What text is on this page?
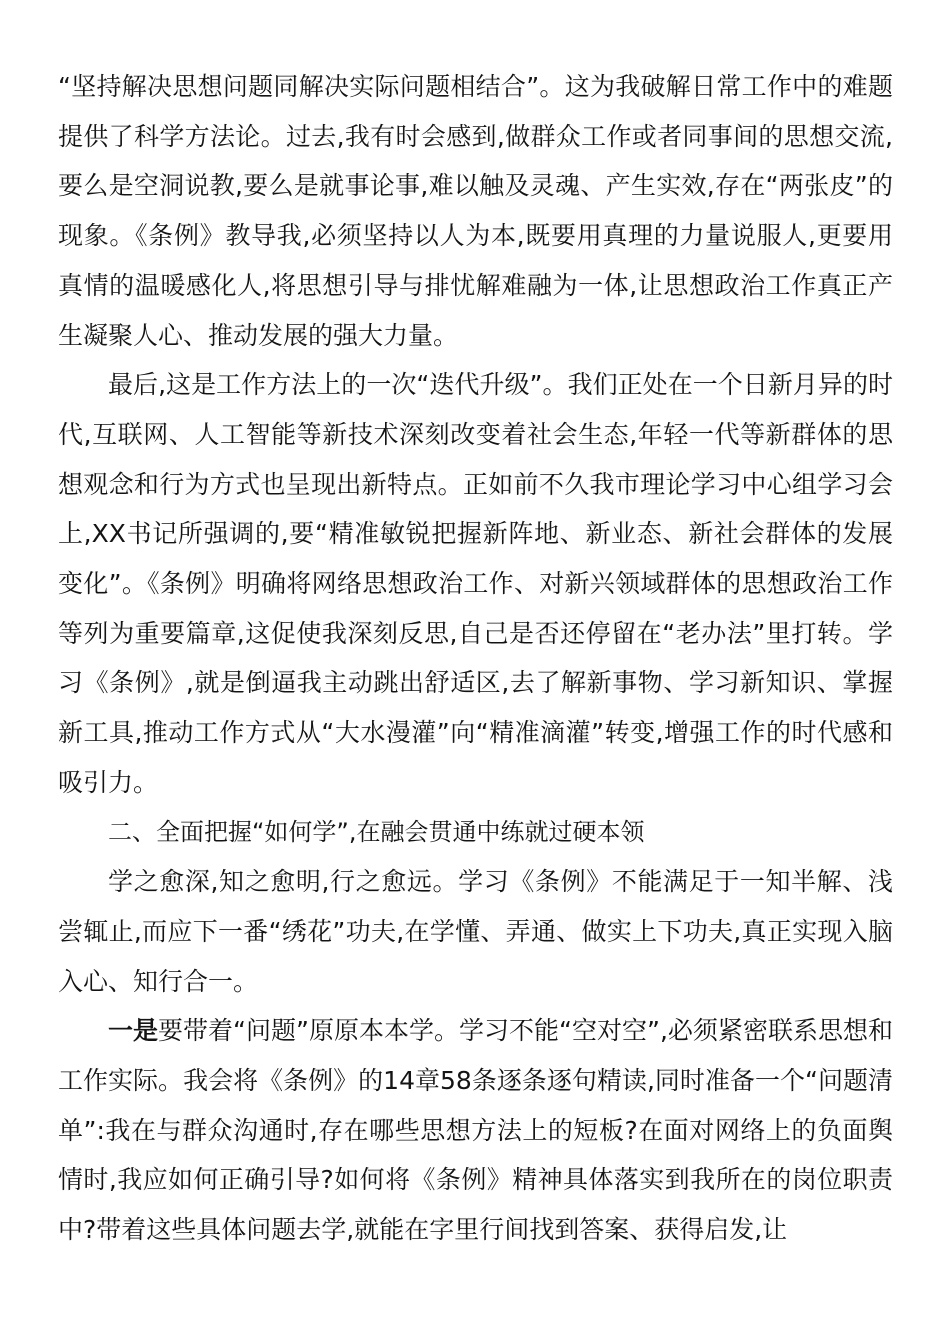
“坚持解决思想问题同解决实际问题相结合”。这为我破解日常工作中的难题提供了科学方法论。过去,我有时会感到,做群众工作或者同事间的思想交流,要么是空洞说教,要么是就事论事,难以触及灵魂、产生实效,存在“两张皮”的现象。《条例》教导我,必须坚持以人为本,既要用真理的力量说服人,更要用真情的温暖感化人,将思想引导与排忧解难融为一体,让思想政治工作真正产生凝聚人心、推动发展的强大力量。

最后,这是工作方法上的一次“迭代升级”。我们正处在一个日新月异的时代,互联网、人工智能等新技术深刻改变着社会生态,年轻一代等新群体的思想观念和行为方式也呈现出新特点。正如前不久我市理论学习中心组学习会上,XX书记所强调的,要“精准敏锐把握新阵地、新业态、新社会群体的发展变化”。《条例》明确将网络思想政治工作、对新兴领域群体的思想政治工作等列为重要篇章,这促使我深刻反思,自己是否还停留在“老办法”里打转。学习《条例》,就是倒逼我主动跳出舒适区,去了解新事物、学习新知识、掌握新工具,推动工作方式从“大水漫灌”向“精准滴灌”转变,增强工作的时代感和吸引力。

二、全面把握“如何学”,在融会贯通中练就过硬本领

学之愈深,知之愈明,行之愈远。学习《条例》不能满足于一知半解、浅尝辄止,而应下一番“绣花”功夫,在学懂、弄通、做实上下功夫,真正实现入脑入心、知行合一。

一是要带着“问题”原原本本学。学习不能“空对空”,必须紧密联系思想和工作实际。我会将《条例》的14章58条逐条逐句精读,同时准备一个“问题清单”:我在与群众沟通时,存在哪些思想方法上的短板?在面对网络上的负面舆情时,我应如何正确引导?如何将《条例》精神具体落实到我所在的岗位职责中?带着这些具体问题去学,就能在字里行间找到答案、获得启发,让
